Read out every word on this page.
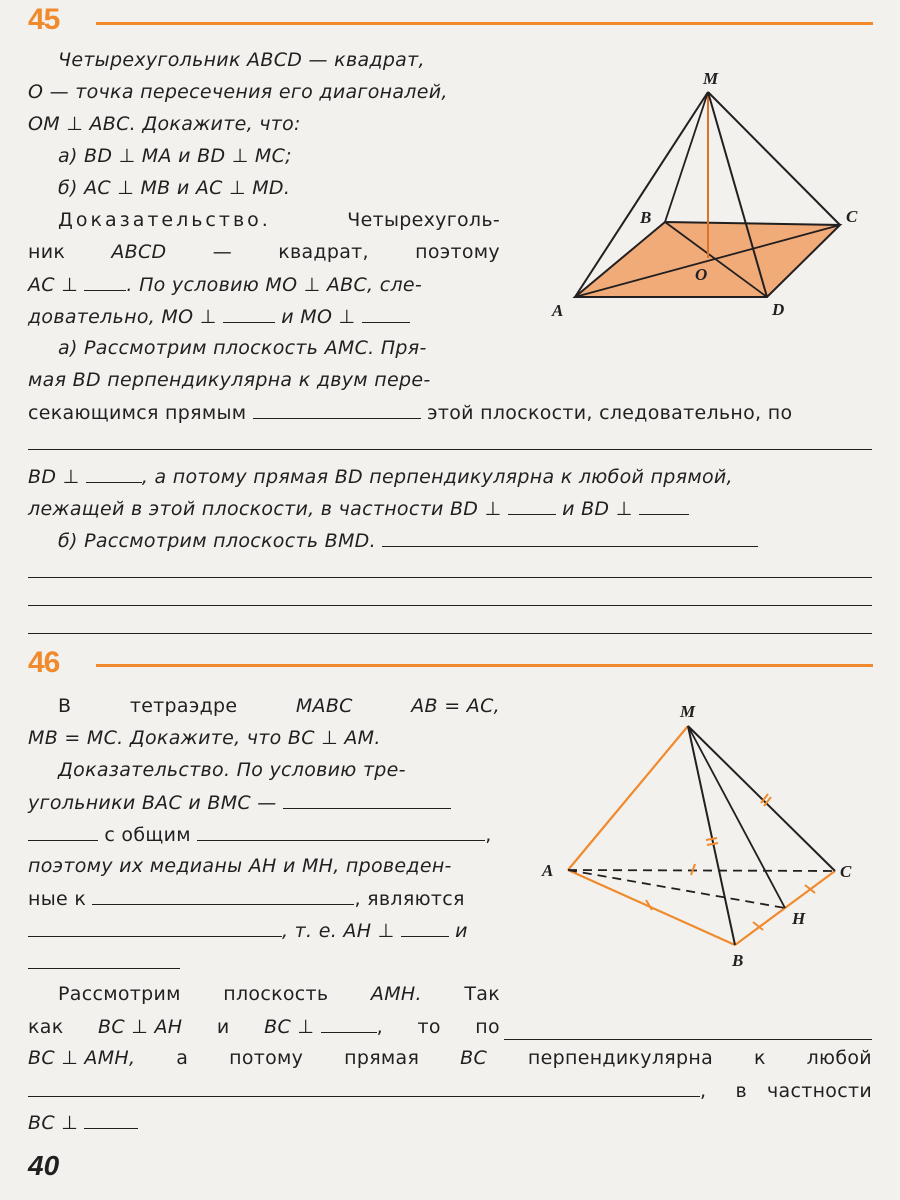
45
Четырехугольник ABCD — квадрат,
O — точка пересечения его диагоналей,
OM ⊥ ABC. Докажите, что:
а) BD ⊥ MA и BD ⊥ MC;
б) AC ⊥ MB и AC ⊥ MD.
Доказательство.	Четырехуголь-
ник ABCD — квадрат, поэтому
AC ⊥	. По условию MO ⊥ ABC, сле-
довательно, MO ⊥	и MO ⊥
а) Рассмотрим плоскость AMC. Пря-
мая BD перпендикулярна к двум пере-
секающимся прямым	этой плоскости, следовательно, по
BD ⊥	, а потому прямая BD перпендикулярна к любой прямой,
лежащей в этой плоскости, в частности BD ⊥	и BD ⊥
б) Рассмотрим плоскость BMD.
M
B	C
O
A	D
46
В	тетраэдре	MABC	AB = AC,
MB = MC. Докажите, что BC ⊥ AM.
Доказательство. По условию тре-
угольники BAC и BMC —
с общим	,
поэтому их медианы AH и MH, проведен-
ные к	, являются
, т. е. AH ⊥	и
Рассмотрим плоскость AMH. Так
как BC ⊥ AH и BC ⊥	, то по
BC ⊥ AMH, а потому прямая BC перпендикулярна к любой
, в частности
BC ⊥
M
A	C
H
B
40
